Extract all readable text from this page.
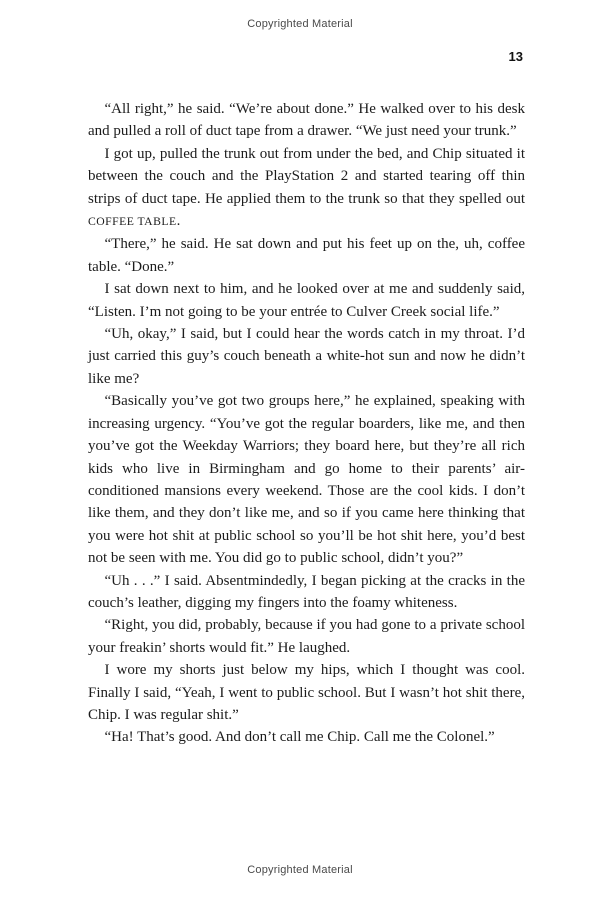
Copyrighted Material
13

“All right,” he said. “We’re about done.” He walked over to his desk and pulled a roll of duct tape from a drawer. “We just need your trunk.”

I got up, pulled the trunk out from under the bed, and Chip situated it between the couch and the PlayStation 2 and started tearing off thin strips of duct tape. He applied them to the trunk so that they spelled out COFFEE TABLE.

“There,” he said. He sat down and put his feet up on the, uh, coffee table. “Done.”

I sat down next to him, and he looked over at me and suddenly said, “Listen. I’m not going to be your entrée to Culver Creek social life.”

“Uh, okay,” I said, but I could hear the words catch in my throat. I’d just carried this guy’s couch beneath a white-hot sun and now he didn’t like me?

“Basically you’ve got two groups here,” he explained, speaking with increasing urgency. “You’ve got the regular boarders, like me, and then you’ve got the Weekday Warriors; they board here, but they’re all rich kids who live in Birmingham and go home to their parents’ air-conditioned mansions every weekend. Those are the cool kids. I don’t like them, and they don’t like me, and so if you came here thinking that you were hot shit at public school so you’ll be hot shit here, you’d best not be seen with me. You did go to public school, didn’t you?”

“Uh . . .” I said. Absentmindedly, I began picking at the cracks in the couch’s leather, digging my fingers into the foamy whiteness.

“Right, you did, probably, because if you had gone to a private school your freakin’ shorts would fit.” He laughed.

I wore my shorts just below my hips, which I thought was cool. Finally I said, “Yeah, I went to public school. But I wasn’t hot shit there, Chip. I was regular shit.”

“Ha! That’s good. And don’t call me Chip. Call me the Colonel.”

Copyrighted Material
